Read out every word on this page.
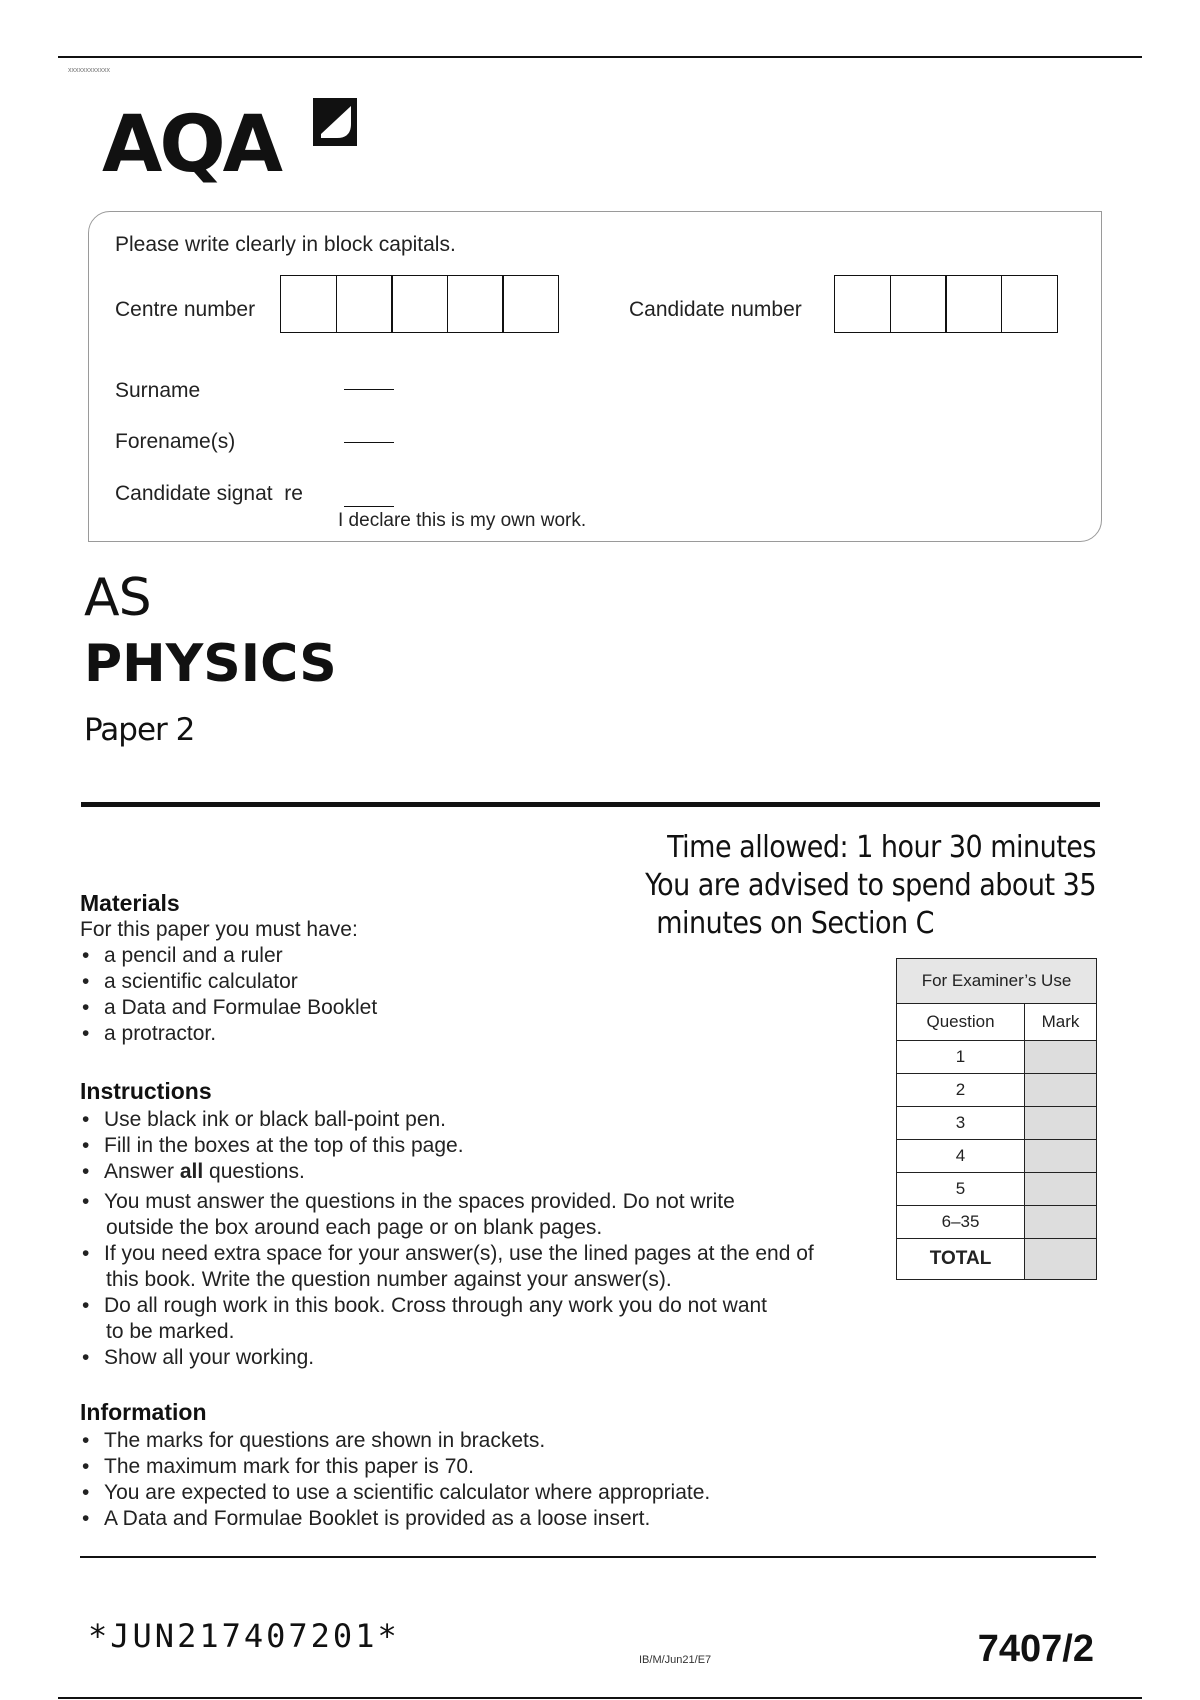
xxxxxxxxxxxx
AQA
Please write clearly in block capitals.
Centre number	Candidate number
Surname
Forename(s)
Candidate signat  re
I declare this is my own work.
AS
PHYSICS
Paper 2
Time allowed: 1 hour 30 minutes
You are advised to spend about 35
minutes on Section C
Materials
For this paper you must have:
• a pencil and a ruler
• a scientific calculator
• a Data and Formulae Booklet
• a protractor.
Instructions
• Use black ink or black ball-point pen.
• Fill in the boxes at the top of this page.
• Answer all questions.
• You must answer the questions in the spaces provided. Do not write
outside the box around each page or on blank pages.
• If you need extra space for your answer(s), use the lined pages at the end of
this book. Write the question number against your answer(s).
• Do all rough work in this book. Cross through any work you do not want
to be marked.
• Show all your working.
Information
• The marks for questions are shown in brackets.
• The maximum mark for this paper is 70.
• You are expected to use a scientific calculator where appropriate.
• A Data and Formulae Booklet is provided as a loose insert.
For Examiner’s Use	
Question	Mark
1	
2	
3	
4	
5	
6–35	
TOTAL	
*JUN217407201*
IB/M/Jun21/E7	7407/2
